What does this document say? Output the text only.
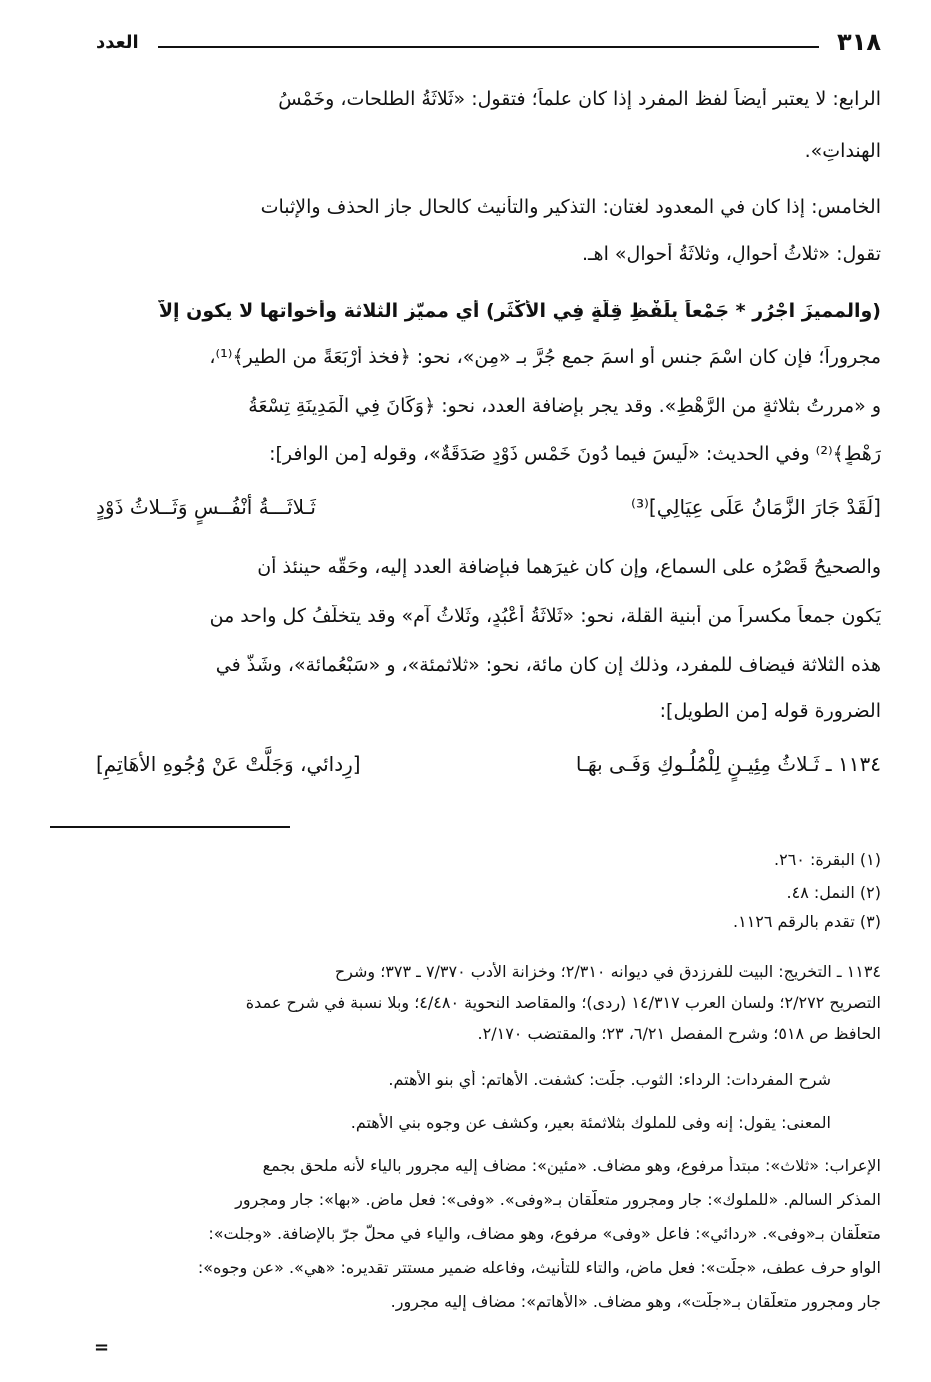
٣١٨
العدد
الرابع: لا يعتبر أيضاً لفظ المفرد إذا كان علماً؛ فتقول: «ثَلاثَةُ الطلحات، وخَمْسُ
الهنداتِ».
الخامس: إذا كان في المعدود لغتان: التذكير والتأنيث كالحال جاز الحذف والإثبات
تقول: «ثلاثُ أحوالٍ، وثلاثَةُ أحوال» اهـ.
(والمميزَ اجْرُرِ * جَمْعاً بِلَفْظِ قِلَّةٍ فِي الأكْثَرِ) أي مميّز الثلاثة وأخواتها لا يكون إلاّ
مجروراً؛ فإن كان اسْمَ جنس أو اسمَ جمع جُرَّ بـ «مِن»، نحو: ﴿فخذ أَرْبَعَةً من الطير﴾⁽¹⁾،
و «مررتُ بثلاثةٍ من الرَّهْطِ». وقد يجر بإضافة العدد، نحو: ﴿وَكَانَ فِي الْمَدِينَةِ تِسْعَةُ
رَهْطٍ﴾⁽²⁾ وفي الحديث: «لَيسَ فيما دُونَ خَمْسِ ذَوْدٍ صَدَقَةٌ»، وقوله [من الوافر]:
[لَقَدْ جَارَ الزَّمَانُ عَلَى عِيَالِي]⁽³⁾
ثَـلاثَـــةُ أنْفُــسٍ وَثَــلاثُ ذَوْدٍ
والصحيحُ قَصْرُه على السماع، وإن كان غيرَهما فبإضافة العدد إليه، وحَقُّه حينئذ أن
يَكون جمعاً مكسراً من أبنية القلة، نحو: «ثَلاثَةُ أعْبُدٍ، وثَلاثُ آمٍ» وقد يتخلّفُ كل واحد من
هذه الثلاثة فيضاف للمفرد، وذلك إن كان مائة، نحو: «ثلاثمئة»، و «سَبْعُمائة»، وشَذَّ في
الضرورة قوله [من الطويل]:
١١٣٤ ـ ثَـلاثُ مِئِيـنٍ لِلْمُلُـوكِ وَفَـى بهَـا
[رِدائي، وَجَلَّتْ عَنْ وُجُوهِ الأهَاتِمِ]
(١) البقرة: ٢٦٠.
(٢) النمل: ٤٨.
(٣) تقدم بالرقم ١١٢٦.
١١٣٤ ـ التخريج: البيت للفرزدق في ديوانه ٢/٣١٠؛ وخزانة الأدب ٧/٣٧٠ ـ ٣٧٣؛ وشرح
التصريح ٢/٢٧٢؛ ولسان العرب ١٤/٣١٧ (ردى)؛ والمقاصد النحوية ٤/٤٨٠؛ وبلا نسبة في شرح عمدة
الحافظ ص ٥١٨؛ وشرح المفصل ٦/٢١، ٢٣؛ والمقتضب ٢/١٧٠.
شرح المفردات: الرداء: الثوب. جلّت: كشفت. الأهاتم: أي بنو الأهتم.
المعنى: يقول: إنه وفى للملوك بثلاثمئة بعير، وكشف عن وجوه بني الأهتم.
الإعراب: «ثلاث»: مبتدأ مرفوع، وهو مضاف. «مئين»: مضاف إليه مجرور بالياء لأنه ملحق بجمع
المذكر السالم. «للملوك»: جار ومجرور متعلّقان بـ«وفى». «وفى»: فعل ماضٍ. «بها»: جار ومجرور
متعلّقان بـ«وفى». «ردائي»: فاعل «وفى» مرفوع، وهو مضاف، والياء في محلّ جرّ بالإضافة. «وجلت»:
الواو حرف عطف، «جلّت»: فعل ماضٍ، والتاء للتأنيث، وفاعله ضمير مستتر تقديره: «هي». «عن وجوه»:
جار ومجرور متعلّقان بـ«جلّت»، وهو مضاف. «الأهاتم»: مضاف إليه مجرور.
=
